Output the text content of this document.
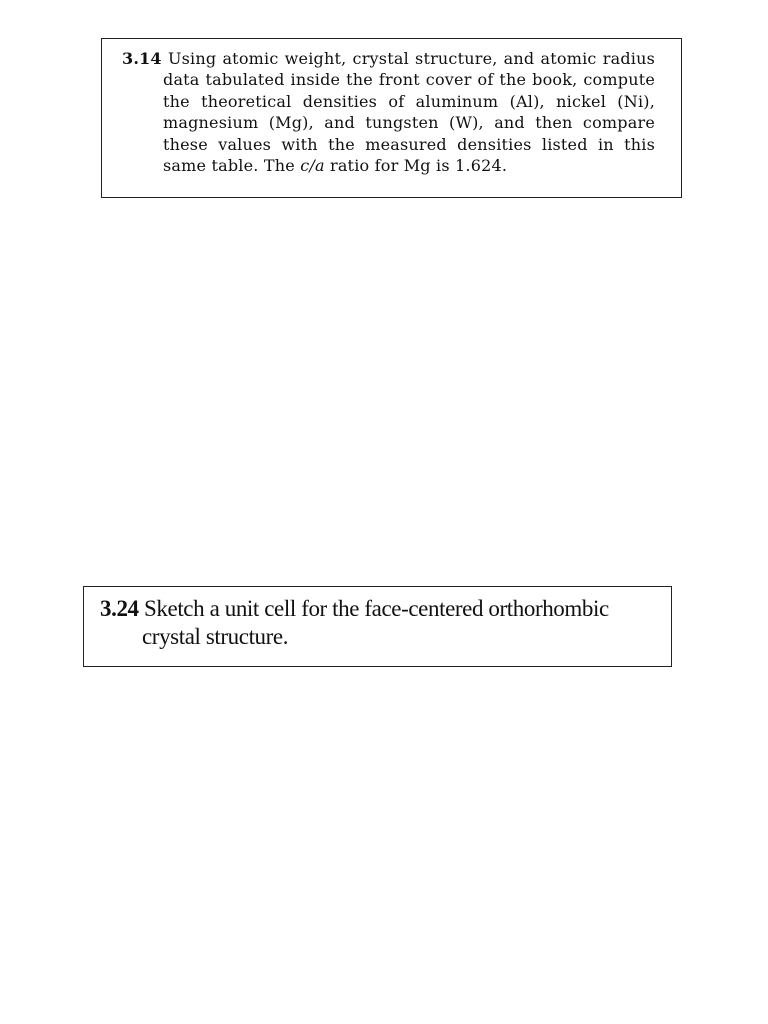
3.14 Using atomic weight, crystal structure, and atomic radius data tabulated inside the front cover of the book, compute the theoretical densities of aluminum (Al), nickel (Ni), magnesium (Mg), and tungsten (W), and then compare these values with the measured densities listed in this same table. The c/a ratio for Mg is 1.624.
3.24 Sketch a unit cell for the face-centered orthorhombic crystal structure.
